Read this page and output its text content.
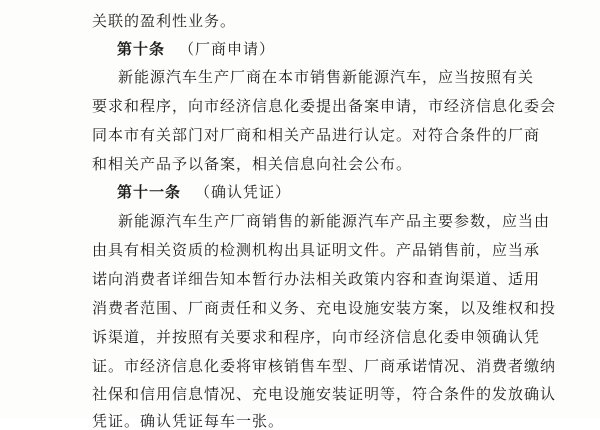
关联的盈利性业务。
第十条 （厂商申请）
新能源汽车生产厂商在本市销售新能源汽车，应当按照有关
要求和程序，向市经济信息化委提出备案申请，市经济信息化委会
同本市有关部门对厂商和相关产品进行认定。对符合条件的厂商
和相关产品予以备案，相关信息向社会公布。
第十一条 （确认凭证）
新能源汽车生产厂商销售的新能源汽车产品主要参数，应当由
由具有相关资质的检测机构出具证明文件。产品销售前，应当承
诺向消费者详细告知本暂行办法相关政策内容和查询渠道、适用
消费者范围、厂商责任和义务、充电设施安装方案，以及维权和投
诉渠道，并按照有关要求和程序，向市经济信息化委申领确认凭
证。市经济信息化委将审核销售车型、厂商承诺情况、消费者缴纳
社保和信用信息情况、充电设施安装证明等，符合条件的发放确认
凭证。确认凭证每车一张。
